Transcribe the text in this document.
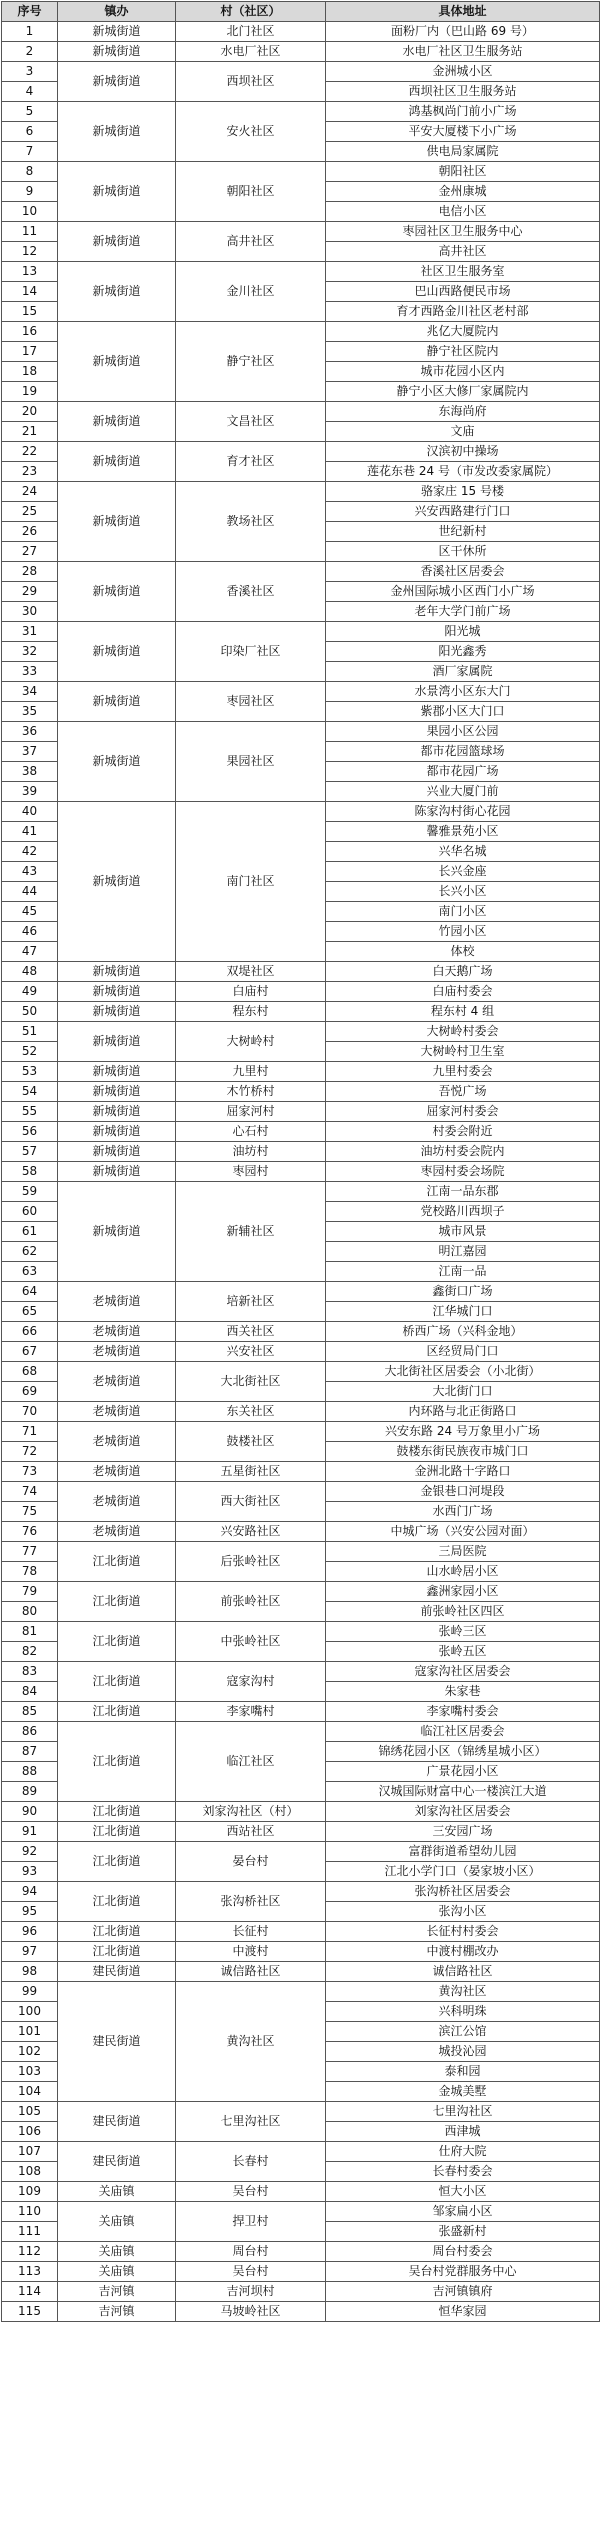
序号	镇办	村（社区）	具体地址
1	新城街道	北门社区	面粉厂内（巴山路 69 号）
2	新城街道	水电厂社区	水电厂社区卫生服务站
3	新城街道	西坝社区	金洲城小区
4			西坝社区卫生服务站
5	新城街道	安火社区	鸿基枫尚门前小广场
6			平安大厦楼下小广场
7			供电局家属院
8	新城街道	朝阳社区	朝阳社区
9			金州康城
10			电信小区
11	新城街道	高井社区	枣园社区卫生服务中心
12			高井社区
13	新城街道	金川社区	社区卫生服务室
14			巴山西路便民市场
15			育才西路金川社区老村部
16	新城街道	静宁社区	兆亿大厦院内
17			静宁社区院内
18			城市花园小区内
19			静宁小区大修厂家属院内
20	新城街道	文昌社区	东海尚府
21			文庙
22	新城街道	育才社区	汉滨初中操场
23			莲花东巷 24 号（市发改委家属院）
24	新城街道	教场社区	骆家庄 15 号楼
25			兴安西路建行门口
26			世纪新村
27			区干休所
28	新城街道	香溪社区	香溪社区居委会
29			金州国际城小区西门小广场
30			老年大学门前广场
31	新城街道	印染厂社区	阳光城
32			阳光鑫秀
33			酒厂家属院
34	新城街道	枣园社区	水景湾小区东大门
35			紫郡小区大门口
36	新城街道	果园社区	果园小区公园
37			都市花园篮球场
38			都市花园广场
39			兴业大厦门前
40	新城街道	南门社区	陈家沟村街心花园
41			馨雅景苑小区
42			兴华名城
43			长兴金座
44			长兴小区
45			南门小区
46			竹园小区
47			体校
48	新城街道	双堤社区	白天鹅广场
49	新城街道	白庙村	白庙村委会
50	新城街道	程东村	程东村 4 组
51	新城街道	大树岭村	大树岭村委会
52			大树岭村卫生室
53	新城街道	九里村	九里村委会
54	新城街道	木竹桥村	吾悦广场
55	新城街道	屈家河村	屈家河村委会
56	新城街道	心石村	村委会附近
57	新城街道	油坊村	油坊村委会院内
58	新城街道	枣园村	枣园村委会场院
59	新城街道	新辅社区	江南一品东郡
60			党校路川西坝子
61			城市风景
62			明江嘉园
63			江南一品
64	老城街道	培新社区	鑫街口广场
65			江华城门口
66	老城街道	西关社区	桥西广场（兴科金地）
67	老城街道	兴安社区	区经贸局门口
68	老城街道	大北街社区	大北街社区居委会（小北街）
69			大北街门口
70	老城街道	东关社区	内环路与北正街路口
71	老城街道	鼓楼社区	兴安东路 24 号万象里小广场
72			鼓楼东街民族夜市城门口
73	老城街道	五星街社区	金洲北路十字路口
74	老城街道	西大街社区	金银巷口河堤段
75			水西门广场
76	老城街道	兴安路社区	中城广场（兴安公园对面）
77	江北街道	后张岭社区	三局医院
78			山水岭居小区
79	江北街道	前张岭社区	鑫洲家园小区
80			前张岭社区四区
81	江北街道	中张岭社区	张岭三区
82			张岭五区
83	江北街道	寇家沟村	寇家沟社区居委会
84			朱家巷
85	江北街道	李家嘴村	李家嘴村委会
86	江北街道	临江社区	临江社区居委会
87			锦绣花园小区（锦绣星城小区）
88			广景花园小区
89			汉城国际财富中心一楼滨江大道
90	江北街道	刘家沟社区（村）	刘家沟社区居委会
91	江北街道	西站社区	三安园广场
92	江北街道	晏台村	富群街道希望幼儿园
93			江北小学门口（晏家坡小区）
94	江北街道	张沟桥社区	张沟桥社区居委会
95			张沟小区
96	江北街道	长征村	长征村村委会
97	江北街道	中渡村	中渡村棚改办
98	建民街道	诚信路社区	诚信路社区
99	建民街道	黄沟社区	黄沟社区
100			兴科明珠
101			滨江公馆
102			城投沁园
103			泰和园
104			金城美墅
105	建民街道	七里沟社区	七里沟社区
106			西津城
107	建民街道	长春村	仕府大院
108			长春村委会
109	关庙镇	吴台村	恒大小区
110	关庙镇	捍卫村	邹家扁小区
111			张盛新村
112	关庙镇	周台村	周台村委会
113	关庙镇	吴台村	吴台村党群服务中心
114	吉河镇	吉河坝村	吉河镇镇府
115	吉河镇	马坡岭社区	恒华家园
